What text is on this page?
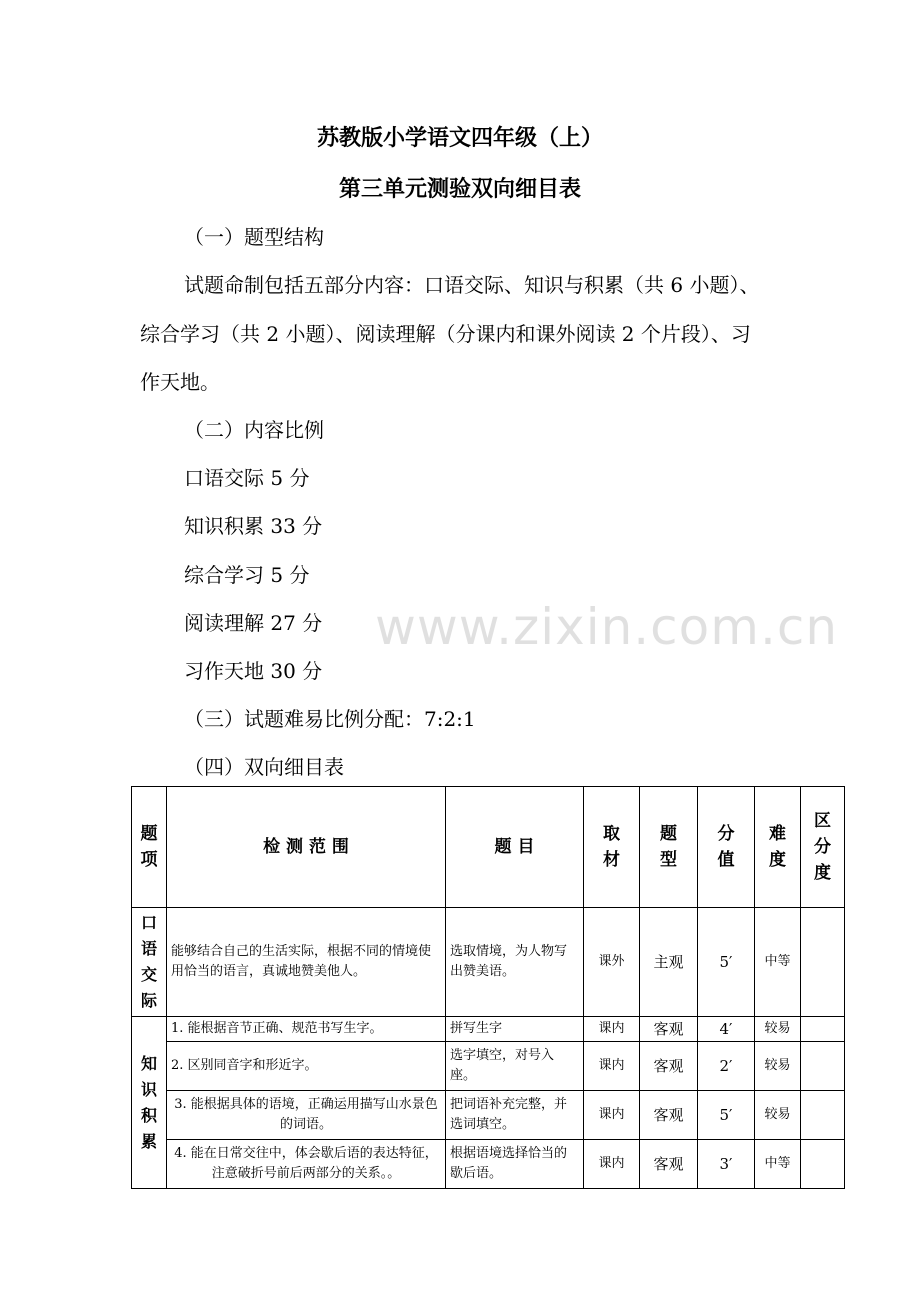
苏教版小学语文四年级（上）
第三单元测验双向细目表
（一）题型结构
试题命制包括五部分内容：口语交际、知识与积累（共 6 小题）、
综合学习（共 2 小题）、阅读理解（分课内和课外阅读 2 个片段）、习
作天地。
（二）内容比例
口语交际 5 分
知识积累 33 分
综合学习 5 分
阅读理解 27 分
习作天地 30 分
（三）试题难易比例分配：7:2:1
（四）双向细目表
www.zixin.com.cn
题项	检 测 范 围	题 目	取材	题型	分值	难度	区分度
口语交际	能够结合自己的生活实际，根据不同的情境使用恰当的语言，真诚地赞美他人。	选取情境，为人物写出赞美语。	课外	主观	5′	中等	
知识积累	1. 能根据音节正确、规范书写生字。	拼写生字	课内	客观	4′	较易	
	2. 区别同音字和形近字。	选字填空，对号入座。	课内	客观	2′	较易	
	3. 能根据具体的语境，正确运用描写山水景色的词语。	把词语补充完整，并选词填空。	课内	客观	5′	较易	
	4. 能在日常交往中，体会歇后语的表达特征，注意破折号前后两部分的关系。。	根据语境选择恰当的歇后语。	课内	客观	3′	中等	
